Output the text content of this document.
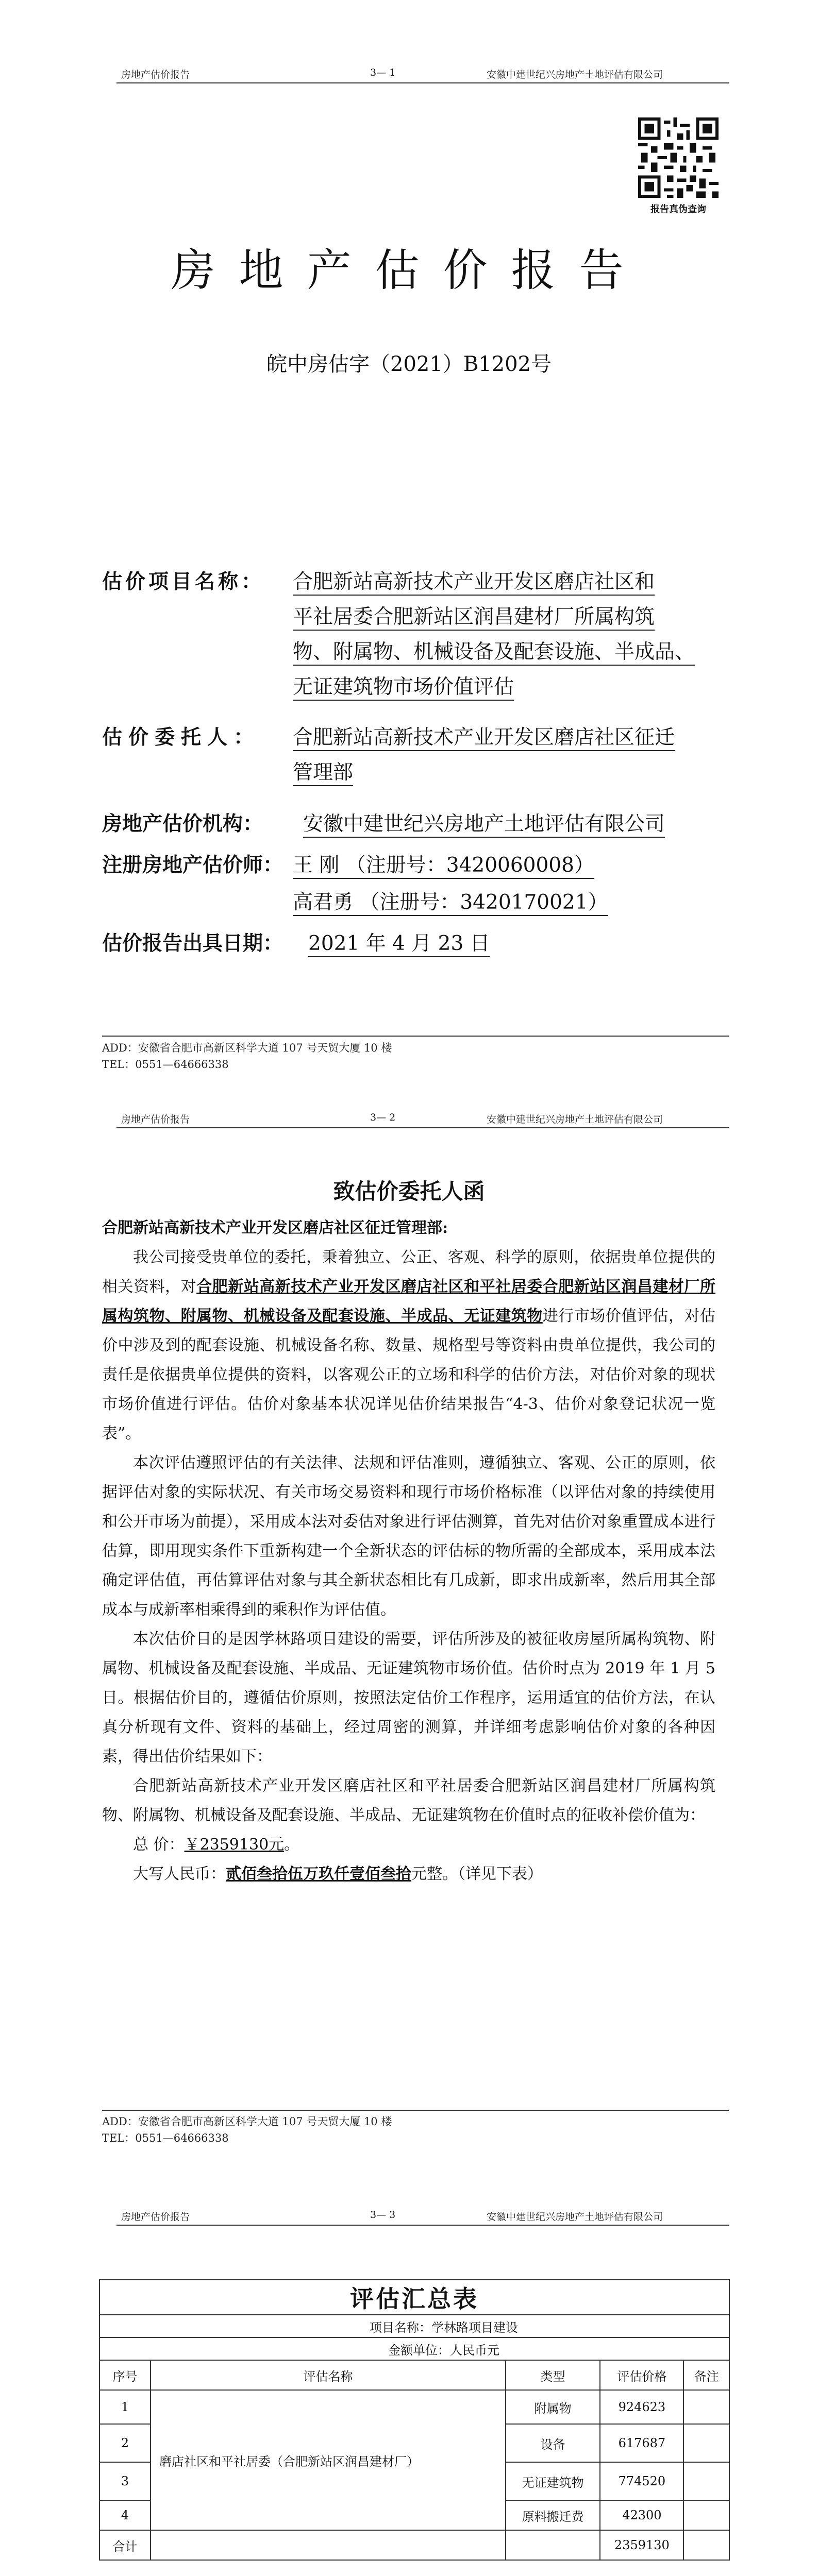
房地产估价报告	3— 1	安徽中建世纪兴房地产土地评估有限公司
报告真伪查询
房地产估价报告
皖中房估字（2021）B1202号
估价项目名称： 合肥新站高新技术产业开发区磨店社区和
平社居委合肥新站区润昌建材厂所属构筑
物、附属物、机械设备及配套设施、半成品、
无证建筑物市场价值评估
估价委托人： 合肥新站高新技术产业开发区磨店社区征迁
管理部
房地产估价机构： 安徽中建世纪兴房地产土地评估有限公司
注册房地产估价师： 王 刚 （注册号：3420060008）
高君勇 （注册号：3420170021）
估价报告出具日期： 2021 年 4 月 23 日
ADD：安徽省合肥市高新区科学大道 107 号天贸大厦 10 楼
TEL：0551—64666338
房地产估价报告	3— 2	安徽中建世纪兴房地产土地评估有限公司
致估价委托人函

合肥新站高新技术产业开发区磨店社区征迁管理部:

我公司接受贵单位的委托，秉着独立、公正、客观、科学的原则，依据贵单位提供的相关资料，对合肥新站高新技术产业开发区磨店社区和平社居委合肥新站区润昌建材厂所属构筑物、附属物、机械设备及配套设施、半成品、无证建筑物进行市场价值评估，对估价中涉及到的配套设施、机械设备名称、数量、规格型号等资料由贵单位提供，我公司的责任是依据贵单位提供的资料，以客观公正的立场和科学的估价方法，对估价对象的现状市场价值进行评估。估价对象基本状况详见估价结果报告“4-3、估价对象登记状况一览表”。

本次评估遵照评估的有关法律、法规和评估准则，遵循独立、客观、公正的原则，依据评估对象的实际状况、有关市场交易资料和现行市场价格标准（以评估对象的持续使用和公开市场为前提），采用成本法对委估对象进行评估测算，首先对估价对象重置成本进行估算，即用现实条件下重新构建一个全新状态的评估标的物所需的全部成本，采用成本法确定评估值，再估算评估对象与其全新状态相比有几成新，即求出成新率，然后用其全部成本与成新率相乘得到的乘积作为评估值。

本次估价目的是因学林路项目建设的需要，评估所涉及的被征收房屋所属构筑物、附属物、机械设备及配套设施、半成品、无证建筑物市场价值。估价时点为 2019 年 1 月 5 日。根据估价目的，遵循估价原则，按照法定估价工作程序，运用适宜的估价方法，在认真分析现有文件、资料的基础上，经过周密的测算，并详细考虑影响估价对象的各种因素，得出估价结果如下：

合肥新站高新技术产业开发区磨店社区和平社居委合肥新站区润昌建材厂所属构筑物、附属物、机械设备及配套设施、半成品、无证建筑物在价值时点的征收补偿价值为：

总 价：￥2359130元。

大写人民币：贰佰叁拾伍万玖仟壹佰叁拾元整。（详见下表）

ADD：安徽省合肥市高新区科学大道 107 号天贸大厦 10 楼
TEL：0551—64666338
房地产估价报告	3— 3	安徽中建世纪兴房地产土地评估有限公司
评估汇总表				
项目名称：学林路项目建设				
金额单位：人民币元				
序号	评估名称	类型	评估价格	备注
1	磨店社区和平社居委（合肥新站区润昌建材厂）	附属物	924623	
2		设备	617687	
3		无证建筑物	774520	
4		原料搬迁费	42300	
合计			2359130	
